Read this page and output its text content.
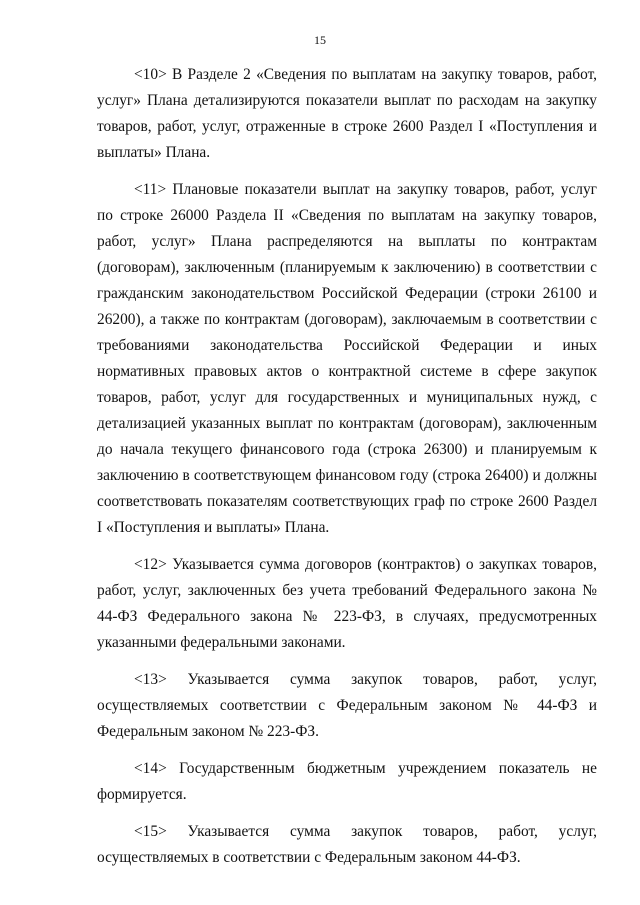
15

<10> В Разделе 2 «Сведения по выплатам на закупку товаров, работ, услуг» Плана детализируются показатели выплат по расходам на закупку товаров, работ, услуг, отраженные в строке 2600 Раздел I «Поступления и выплаты» Плана.

<11> Плановые показатели выплат на закупку товаров, работ, услуг по строке 26000 Раздела II «Сведения по выплатам на закупку товаров, работ, услуг» Плана распределяются на выплаты по контрактам (договорам), заключенным (планируемым к заключению) в соответствии с гражданским законодательством Российской Федерации (строки 26100 и 26200), а также по контрактам (договорам), заключаемым в соответствии с требованиями законодательства Российской Федерации и иных нормативных правовых актов о контрактной системе в сфере закупок товаров, работ, услуг для государственных и муниципальных нужд, с детализацией указанных выплат по контрактам (договорам), заключенным до начала текущего финансового года (строка 26300) и планируемым к заключению в соответствующем финансовом году (строка 26400) и должны соответствовать показателям соответствующих граф по строке 2600 Раздел I «Поступления и выплаты» Плана.

<12> Указывается сумма договоров (контрактов) о закупках товаров, работ, услуг, заключенных без учета требований Федерального закона № 44-ФЗ Федерального закона № 223-ФЗ, в случаях, предусмотренных указанными федеральными законами.

<13> Указывается сумма закупок товаров, работ, услуг, осуществляемых соответствии с Федеральным законом № 44-ФЗ и Федеральным законом № 223-ФЗ.

<14> Государственным бюджетным учреждением показатель не формируется.

<15> Указывается сумма закупок товаров, работ, услуг, осуществляемых в соответствии с Федеральным законом 44-ФЗ.
